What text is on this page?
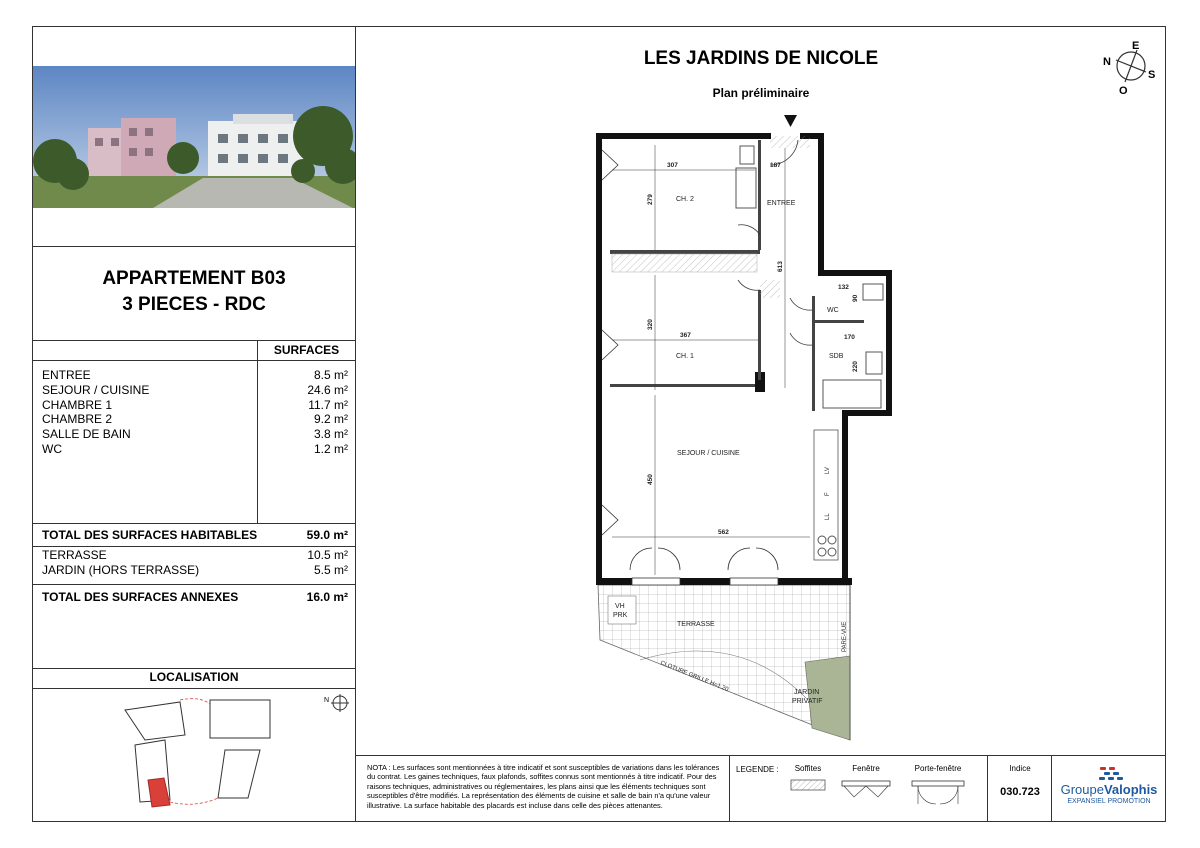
APPARTEMENT B03
3 PIECES - RDC
SURFACES
ENTREE	8.5 m²
SEJOUR / CUISINE	24.6 m²
CHAMBRE 1	11.7 m²
CHAMBRE 2	9.2 m²
SALLE DE BAIN	3.8 m²
WC	1.2 m²
TOTAL DES SURFACES HABITABLES	59.0 m²
TERRASSE	10.5 m²
JARDIN (HORS TERRASSE)	5.5 m²
TOTAL DES SURFACES ANNEXES	16.0 m²
LOCALISATION
N
LES JARDINS DE NICOLE
Plan préliminaire
N
E
S
O
CH. 2
ENTREE
WC
SDB
CH. 1
SEJOUR / CUISINE
TERRASSE
JARDIN
PRIVATIF
VH
PRK
CLOTURE GRILLE H=1.20
PARE-VUE
LV
F
LL
307	187
279
613
132
90
170
220
320
367
450
562
NOTA : Les surfaces sont mentionnées à titre indicatif et sont susceptibles de variations dans les tolérances du contrat. Les gaines techniques, faux plafonds, soffites connus sont mentionnés à titre indicatif. Pour des raisons techniques, administratives ou réglementaires, les plans ainsi que les éléments techniques sont susceptibles d'être modifiés. La représentation des éléments de cuisine et salle de bain n'a qu'une valeur illustrative. La surface habitable des placards est incluse dans celle des pièces attenantes.
LEGENDE :	Soffites	Fenêtre	Porte-fenêtre	Indice
030.723	GroupeValophis
EXPANSIEL PROMOTION
